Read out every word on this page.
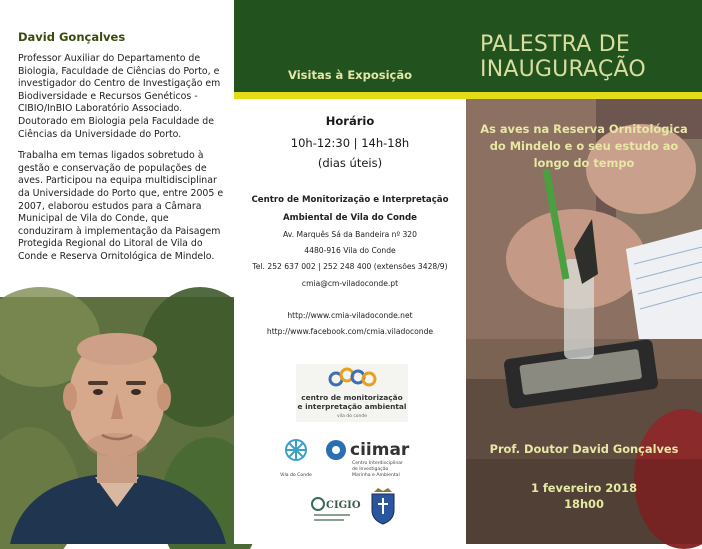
David Gonçalves

Professor Auxiliar do Departamento de Biologia, Faculdade de Ciências do Porto, e investigador do Centro de Investigação em Biodiversidade e Recursos Genéticos - CIBIO/InBIO Laboratório Associado. Doutorado em Biologia pela Faculdade de Ciências da Universidade do Porto.

Trabalha em temas ligados sobretudo à gestão e conservação de populações de aves. Participou na equipa multidisciplinar da Universidade do Porto que, entre 2005 e 2007, elaborou estudos para a Câmara Municipal de Vila do Conde, que conduziram à implementação da Paisagem Protegida Regional do Litoral de Vila do Conde e Reserva Ornitológica de Mindelo.

Visitas à Exposição
Horário
10h-12:30 | 14h-18h
(dias úteis)
Centro de Monitorização e Interpretação
Ambiental de Vila do Conde
Av. Marquês Sá da Bandeira nº 320
4480-916 Vila do Conde
Tel. 252 637 002 | 252 248 400 (extensões 3428/9)
cmia@cm-viladoconde.pt
http://www.cmia-viladoconde.net
http://www.facebook.com/cmia.viladoconde
centro de monitorização
e interpretação ambiental
vila do conde
Vila do Conde
ciimar
Centro Interdisciplinar
de Investigação
Marinha e Ambiental
CIGIO
PALESTRA DE
INAUGURAÇÃO
As aves na Reserva Ornitológica
do Mindelo e o seu estudo ao
longo do tempo
Prof. Doutor David Gonçalves
1 fevereiro 2018
18h00
